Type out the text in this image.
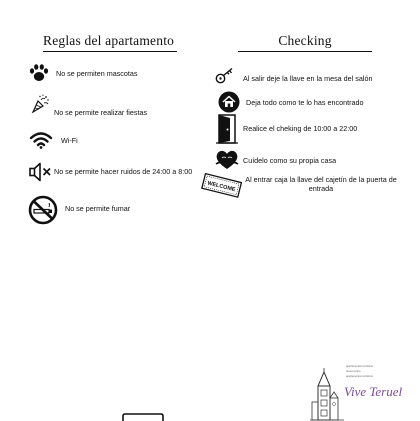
Reglas del apartamento	Checking
No se permiten mascotas
No se permite realizar fiestas
Wi-Fi
No se permite hacer ruidos de 24:00 a 8:00
No se permite fumar
Al salir deje la llave en la mesa del salón
Deja todo como te lo has encontrado
Realice el cheking de 10:00 a 22:00
Cuídelo como su propia casa
WELCOME
Al entrar caja la llave del cajetín de la puerta de entrada
apartamentos turísticos
teruel centro
apartamentos turísticos
Vive Teruel
